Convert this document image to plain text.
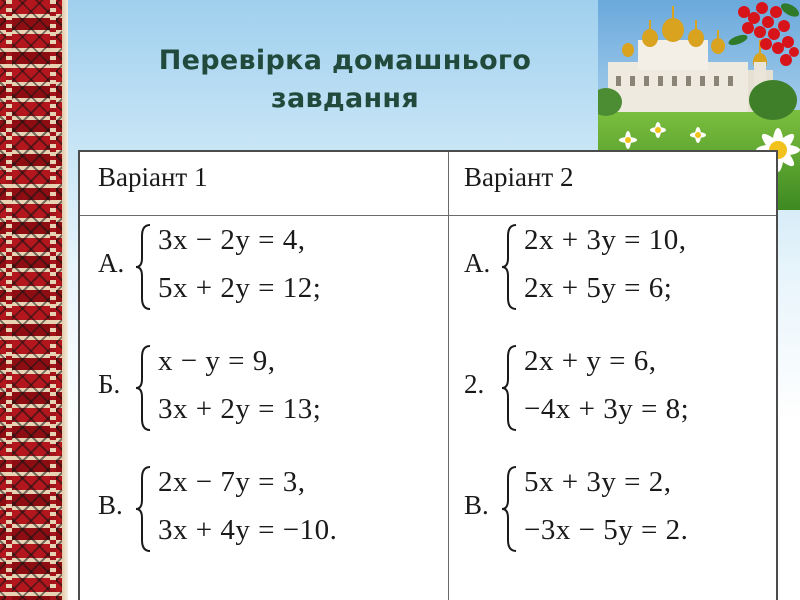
Перевірка домашнього завдання
Варіант 1	Варіант 2
А.
3x − 2y = 4,
5x + 2y = 12;
Б.
x − y = 9,
3x + 2y = 13;
В.
2x − 7y = 3,
3x + 4y = −10.
А.
2x + 3y = 10,
2x + 5y = 6;
2.
2x + y = 6,
−4x + 3y = 8;
В.
5x + 3y = 2,
−3x − 5y = 2.
